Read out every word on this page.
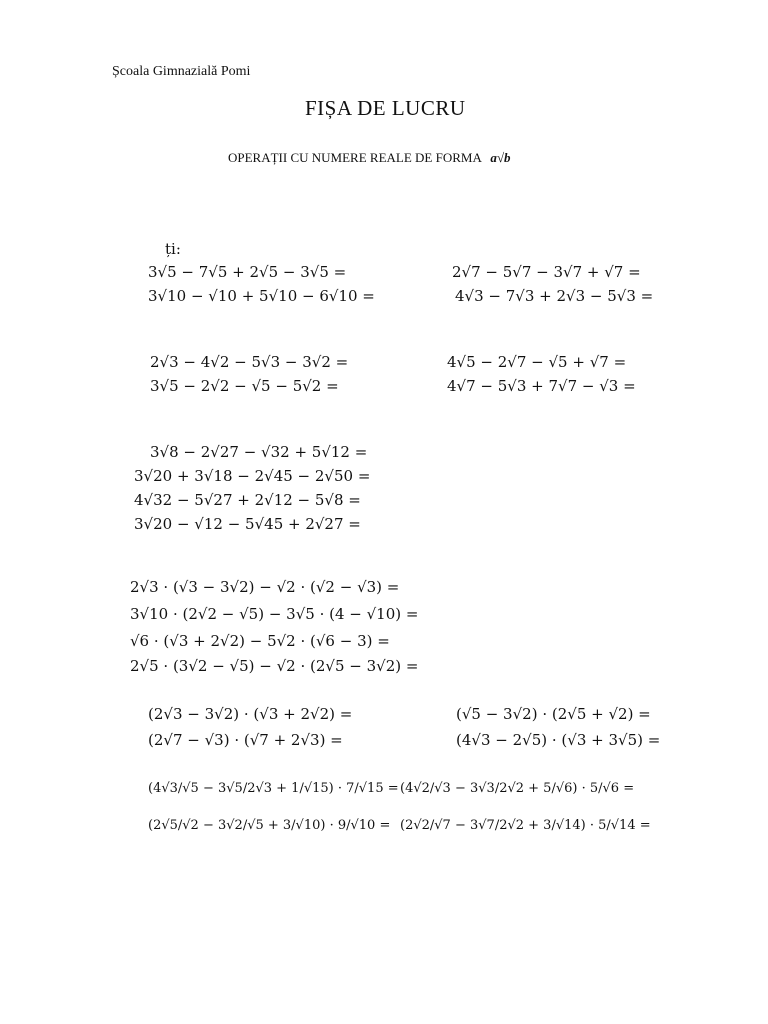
Școala Gimnazială Pomi
FIȘA DE LUCRU
OPERAȚII CU NUMERE REALE DE FORMA a√b
ți:
3√5 − 7√5 + 2√5 − 3√5 =
3√10 − √10 + 5√10 − 6√10 =
2√7 − 5√7 − 3√7 + √7 =
4√3 − 7√3 + 2√3 − 5√3 =
2√3 − 4√2 − 5√3 − 3√2 =
3√5 − 2√2 − √5 − 5√2 =
4√5 − 2√7 − √5 + √7 =
4√7 − 5√3 + 7√7 − √3 =
3√8 − 2√27 − √32 + 5√12 =
3√20 + 3√18 − 2√45 − 2√50 =
4√32 − 5√27 + 2√12 − 5√8 =
3√20 − √12 − 5√45 + 2√27 =
2√3 · (√3 − 3√2) − √2 · (√2 − √3) =
3√10 · (2√2 − √5) − 3√5 · (4 − √10) =
√6 · (√3 + 2√2) − 5√2 · (√6 − 3) =
2√5 · (3√2 − √5) − √2 · (2√5 − 3√2) =
(2√3 − 3√2) · (√3 + 2√2) =
(2√7 − √3) · (√7 + 2√3) =
(√5 − 3√2) · (2√5 + √2) =
(4√3 − 2√5) · (√3 + 3√5) =
(4√3/√5 − 3√5/2√3 + 1/√15) · 7/√15 =
(2√5/√2 − 3√2/√5 + 3/√10) · 9/√10 =
(4√2/√3 − 3√3/2√2 + 5/√6) · 5/√6 =
(2√2/√7 − 3√7/2√2 + 3/√14) · 5/√14 =
